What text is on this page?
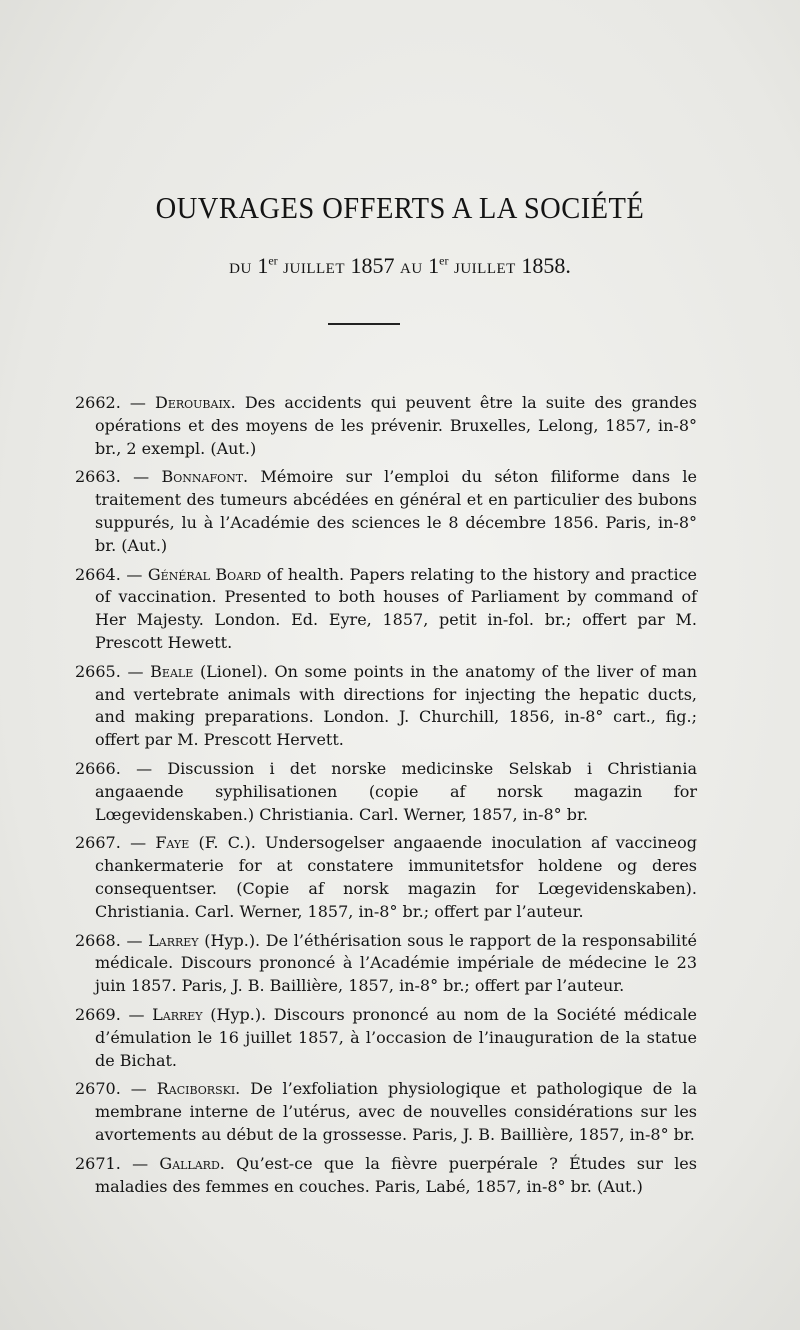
OUVRAGES OFFERTS A LA SOCIÉTÉ
DU 1er JUILLET 1857 AU 1er JUILLET 1858.

2662. — Deroubaix. Des accidents qui peuvent être la suite des grandes opérations et des moyens de les prévenir. Bruxelles, Lelong, 1857, in-8° br., 2 exempl. (Aut.)

2663. — Bonnafont. Mémoire sur l’emploi du séton filiforme dans le traitement des tumeurs abcédées en général et en particulier des bubons suppurés, lu à l’Académie des sciences le 8 décembre 1856. Paris, in-8° br. (Aut.)

2664. — Général Board of health. Papers relating to the history and practice of vaccination. Presented to both houses of Parliament by command of Her Majesty. London. Ed. Eyre, 1857, petit in-fol. br.; offert par M. Prescott Hewett.

2665. — Beale (Lionel). On some points in the anatomy of the liver of man and vertebrate animals with directions for injecting the hepatic ducts, and making preparations. London. J. Churchill, 1856, in-8° cart., fig.; offert par M. Prescott Hervett.

2666. — Discussion i det norske medicinske Selskab i Christiania angaaende syphilisationen (copie af norsk magazin for Lœgevidenskaben.) Christiania. Carl. Werner, 1857, in-8° br.

2667. — Faye (F. C.). Undersogelser angaaende inoculation af vaccineog chankermaterie for at constatere immunitetsfor holdene og deres consequentser. (Copie af norsk magazin for Lœgevidenskaben). Christiania. Carl. Werner, 1857, in-8° br.; offert par l’auteur.

2668. — Larrey (Hyp.). De l’éthérisation sous le rapport de la responsabilité médicale. Discours prononcé à l’Académie impériale de médecine le 23 juin 1857. Paris, J. B. Baillière, 1857, in-8° br.; offert par l’auteur.

2669. — Larrey (Hyp.). Discours prononcé au nom de la Société médicale d’émulation le 16 juillet 1857, à l’occasion de l’inauguration de la statue de Bichat.

2670. — Raciborski. De l’exfoliation physiologique et pathologique de la membrane interne de l’utérus, avec de nouvelles considérations sur les avortements au début de la grossesse. Paris, J. B. Baillière, 1857, in-8° br.

2671. — Gallard. Qu’est-ce que la fièvre puerpérale ? Études sur les maladies des femmes en couches. Paris, Labé, 1857, in-8° br. (Aut.)
